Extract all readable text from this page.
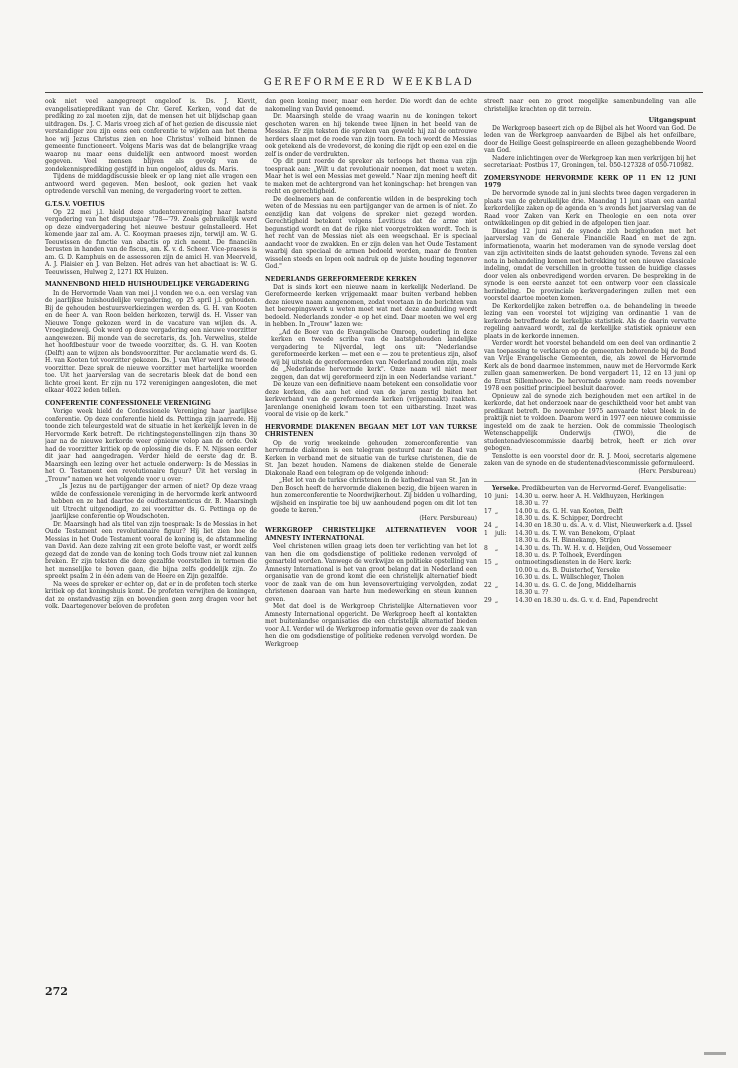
GEREFORMEERD WEEKBLAD

ook niet veel aangegreept ongeloof is. Ds. J. Kievit, evangelisatiepredikant van de Chr. Geref. Kerken, vond dat de prediking zo zal moeten zijn, dat de mensen het uit blijdschap gaan uitdragen. Ds. J. C. Maris vroeg zich af of het gezien de discussie niet verstandiger zou zijn eens een conferentie te wijden aan het thema hoe wij Jezus Christus zien en hoe Christus' volheid binnen de gemeente functioneert. Volgens Maris was dat de belangrijke vraag waarop nu maar eens duidelijk een antwoord moest worden gegeven. Veel mensen blijven als gevolg van de zondekennisprediking gestijfd in hun ongeloof, aldus ds. Maris.

Tijdens de middagdiscussie bleek er op lang niet alle vragen een antwoord werd gegeven. Men besloot, ook gezien het vaak optredende verschil van mening, de vergadering voort te zetten.

G.T.S.V. VOETIUS

Op 22 mei j.l. hield deze studentenvereniging haar laatste vergadering van het dispuutsjaar '78—'79. Zoals gebruikelijk werd op deze eindvergadering het nieuwe bestuur geïnstalleerd. Het komende jaar zal am. A. C. Kooyman praeses zijn, terwijl am. W. G. Teeuwissen de functie van abactis op zich neemt. De financiën berusten in handen van de fiscus, am. K. v. d. Scheer. Vice-praeses is am. G. D. Kamphuis en de assessoren zijn de amici H. van Meerveld, A. J. Plaisier en J. van Belzen. Het adres van het abactiaat is: W. G. Teeuwissen, Hulweg 2, 1271 RX Huizen.

MANNENBOND HIELD HUISHOUDELIJKE VERGADERING

In de Hervormde Vaan van mei j.l vonden we o.a. een verslag van de jaarlijkse huishoudelijke vergadering, op 25 april j.l. gehouden. Bij de gehouden bestuursverkiezingen werden ds. G. H. van Kooten en de heer A. van Roon belden herkozen, terwijl ds. H. Visser van Nieuwe Tonge gekozen werd in de vacature van wijlen ds. A. Vroegindeweij. Ook werd op deze vergadering een nieuwe voorzitter aangewezen. Bij monde van de secretaris, ds. Joh. Verwelius, stelde het hoofdbestuur voor de tweede voorzitter, ds. G. H. van Kooten (Delft) aan te wijzen als bondsvoorzitter. Per acclamatie werd ds. G. H. van Kooten tot voorzitter gekozen. Ds. J. van Wier werd nu tweede voorzitter. Deze sprak de nieuwe voorzitter met hartelijke woorden toe. Uit het jaarverslag van de secretaris bleek dat de bond een lichte groei kent. Er zijn nu 172 verenigingen aangesloten, die met elkaar 4022 leden tellen.

CONFERENTIE CONFESSIONELE VERENIGING

Vorige week hield de Confessionele Vereniging haar jaarlijkse conferentie. Op deze conferentie hield ds. Pettinga zijn jaarrede. Hij toonde zich teleurgesteld wat de situatie in het kerkelijk leven in de Hervormde Kerk betreft. De richtingstegenstellingen zijn thans 30 jaar na de nieuwe kerkorde weer opnieuw volop aan de orde. Ook had de voorzitter kritiek op de oplossing die ds. F. N. Nijssen eerder dit jaar had aangedragen. Verder hield de eerste dag dr. B. Maarsingh een lezing over het actuele onderwerp: Is de Messias in het O. Testament een revolutionaire figuur? Uit het verslag in „Trouw" namen we het volgende voor u over:

„Is Jezus nu de partijganger der armen of niet? Op deze vraag wilde de confessionele vereniging in de hervormde kerk antwoord hebben en ze had daartoe de oudtestamenticus dr. B. Maarsingh uit Utrecht uitgenodigd, zo zei voorzitter ds. G. Pettinga op de jaarlijkse conferentie op Woudschoten.

Dr. Maarsingh had als titel van zijn toespraak: Is de Messias in het Oude Testament een revolutionaire figuur? Hij liet zien hoe de Messias in het Oude Testament vooral de koning is, de afstammeling van David. Aan deze zalving zit een grote belofte vast, er wordt zelfs gezegd dat de zonde van de koning toch Gods trouw niet zal kunnen breken. Er zijn teksten die deze gezalfde voorstellen in termen die het menselijke te boven gaan, die bijna zelfs goddelijk zijn. Zo spreekt psalm 2 in één adem van de Heere en Zijn gezalfde.

Na wees de spreker er echter op, dat er in de profeten toch sterke kritiek op dat koningshuis komt. De profeten verwijten de koningen, dat ze onstandvastig zijn en bovendien geen zorg dragen voor het volk. Daartegenover beloven de profeten

dan geen koning meer, maar een herder. Die wordt dan de echte nakomeling van David genoemd.

Dr. Maarsingh stelde de vraag waarin nu de koningen tekort geschoten waren en hij tekende twee lijnen in het beeld van de Messias. Er zijn teksten die spreken van geweld: hij zal de ontrouwe herders slaan met de roede van zijn toorn. En toch wordt de Messias ook getekend als de vredevorst, de koning die rijdt op een ezel en die zelf is onder de verdrukten.

Op dit punt roerde de spreker als terloops het thema van zijn toespraak aan: „Wilt u dat revolutionair noemen, dat moet u weten. Maar het is wel een Messias met geweld." Naar zijn mening heeft dit te maken met de achtergrond van het koningschap: het brengen van recht en gerechtigheid.

De deelnemers aan de conferentie wilden in de bespreking toch weten of de Messias nu een partijganger van de armen is of niet. Zo eenzijdig kan dat volgens de spreker niet gezegd worden. Gerechtigheid betekent volgens Leviticus dat de arme niet begunstigd wordt en dat de rijke niet voorgetrokken wordt. Toch is het recht van de Messias niet als een weegschaal. Er is speciaal aandacht voor de zwakken. En er zijn delen van het Oude Testament waarbij dan speciaal de armen bedoeld worden, maar de fronten wisselen steeds en lopen ook nadruk op de juiste houding tegenover God."

NEDERLANDS GEREFORMEERDE KERKEN

Dat is sinds kort een nieuwe naam in kerkelijk Nederland. De Gereformeerde kerken vrijgemaakt maar buiten verband hebben deze nieuwe naam aangenomen, zodat voortaan in de berichten van het beroepingswerk u weten moet wat met deze aanduiding wordt bedoeld. Nederlands zonder -e op het eind. Daar moeten we wel erg in hebben. In „Trouw" lazen we:

„Ad de Boer van de Evangelische Omroep, ouderling in deze kerken en tweede scriba van de laatstgehouden landelijke vergadering te Nijverdal, legt ons uit: "Nederlandse gereformeerde kerken — met een e — zou te pretentieus zijn, alsof wij bij uitstek de gereformeerden van Nederland zouden zijn, zoals de „Nederlandse hervormde kerk". Onze naam wil niet meer zeggen, dan dat wij gereformeerd zijn in een Nederlandse variant."

De keuze van een definitieve naam betekent een consolidatie voor deze kerken, die aan het eind van de jaren zestig buiten het kerkverband van de gereformeerde kerken (vrijgemaakt) raakten. Jarenlange onenigheid kwam toen tot een uitbarsting. Inzet was vooral de visie op de kerk."

HERVORMDE DIAKENEN BEGAAN MET LOT VAN TURKSE CHRISTENEN

Op de vorig weekeinde gehouden zomerconferentie van hervormde diakenen is een telegram gestuurd naar de Raad van Kerken in verband met de situatie van de turkse christenen, die de St. Jan bezet houden. Namens de diakenen stelde de Generale Diakonale Raad een telegram op de volgende inhoud:

„Het lot van de turkse christenen in de kathedraal van St. Jan in Den Bosch heeft de hervormde diakenen bezig, die bijeen waren in hun zomerconferentie te Noordwijkerhout. Zij bidden u volharding, wijsheid en inspiratie toe bij uw aanhoudend pogen om dit lot ten goede te keren."

(Herv. Persbureau)
WERKGROEP CHRISTELIJKE ALTERNATIEVEN VOOR AMNESTY INTERNATIONAL

Veel christenen willen graag iets doen ter verlichting van het lot van hen die om godsdienstige of politieke redenen vervolgd of gemarteld worden. Vanwege de werkwijze en politieke opstelling van Amnesty International is het van groot belang dat in Nederland een organisatie van de grond komt die een christelijk alternatief biedt voor de zaak van de om hun levensovertuiging vervolgden, zodat christenen daaraan van harte hun medewerking en steun kunnen geven.

Met dat doel is de Werkgroep Christelijke Alternatieven voor Amnesty International opgericht. De Werkgroep heeft al kontakten met buitenlandse organisaties die een christelijk alternatief bieden voor A.I. Verder wil de Werkgroep informatie geven over de zaak van hen die om godsdienstige of politieke redenen vervolgd worden. De Werkgroep

streeft naar een zo groot mogelijke samenbundeling van alle christelijke krachten op dit terrein.

Uitgangspunt

De Werkgroep baseert zich op de Bijbel als het Woord van God. De leden van de Werkgroep aanvaarden de Bijbel als het onfeilbare, door de Heilige Geest geïnspireerde en alleen gezaghebbende Woord van God.

Nadere inlichtingen over de Werkgroep kan men verkrijgen bij het secretariaat: Postbus 17, Groningen, tel. 050-127328 of 050-710982.

ZOMERSYNODE HERVORMDE KERK OP 11 EN 12 JUNI 1979

De hervormde synode zal in juni slechts twee dagen vergaderen in plaats van de gebruikelijke drie. Maandag 11 juni staan een aantal kerkordelijke zaken op de agenda en 's avonds het jaarverslag van de Raad voor Zaken van Kerk en Theologie en een nota over ontwikkelingen op dit gebied in de afgelopen tien jaar.

Dinsdag 12 juni zal de synode zich bezighouden met het jaarverslag van de Generale Financiële Raad en met de zgn. informatienota, waarin het moderamen van de synode verslag doet van zijn activiteiten sinds de laatst gehouden synode. Tevens zal een nota in behandeling komen met betrekking tot een nieuwe classicale indeling, omdat de verschillen in grootte tussen de huidige classes door velen als onbevredigend worden ervaren. De bespreking in de synode is een eerste aanzet tot een ontwerp voor een classicale herindeling. De provinciale kerkvergaderingen zullen met een voorstel daartoe moeten komen.

De Kerkordelijke zaken betreffen o.a. de behandeling in tweede lezing van een voorstel tot wijziging van ordinantie 1 van de kerkorde betreffende de kerkelijke statistiek. Als de daarin vervatte regeling aanvaard wordt, zal de kerkelijke statistiek opnieuw een plaats in de kerkorde innemen.

Verder wordt het voorstel behandeld om een deel van ordinantie 2 van toepassing te verklaren op de gemeenten behorende bij de Bond van Vrije Evangelische Gemeenten, die, als zowel de Hervormde Kerk als de bond daarmee instemmen, nauw met de Hervormde Kerk zullen gaan samenwerken. De bond vergadert 11, 12 en 13 juni op de Ernst Sillemhoeve. De hervormde synode nam reeds november 1978 een positief principieel besluit daarover.

Opnieuw zal de synode zich bezighouden met een artikel in de kerkorde, dat het onderzoek naar de geschiktheid voor het ambt van predikant betreft. De november 1975 aanvaarde tekst bleek in de praktijk niet te voldoen. Daarom werd in 1977 een nieuwe commissie ingesteld om de zaak te herzien. Ook de commissie Theologisch Wetenschappelijk Onderwijs (TWO), die de studentenadviescommissie daarbij betrok, heeft er zich over gebogen.

Tenslotte is een voorstel door dr. R. J. Mooi, secretaris algemene zaken van de synode en de studentenadviescommissie geformuleerd.

(Herv. Persbureau)

Yerseke. Predikbeurten van de Hervormd-Geref. Evangelisatie:

10	juni:	14.30 u. eerw. heer A. H. Veldhuyzen, Herkingen
		18.30 u. ??
17	„	14.00 u. ds. G. H. van Kooten, Delft
		18.30 u. ds. K. Schipper, Dordrecht
24	„	14.30 en 18.30 u. ds. A. v. d. Vlist, Nieuwerkerk a.d. IJssel
1	juli:	14.30 u. ds. T. W. van Benekom, O'plaat
		18.30 u. ds. H. Binnekamp, Strijen
8	„	14.30 u. ds. Th. W. H. v. d. Heijden, Oud Vossemeer
		18.30 u. ds. P. Tolhoek, Everdingen
15	„	ontmoetingsdiensten in de Herv. kerk:
		10.00 u. ds. B. Duisterhof, Yerseke
		16.30 u. ds. L. Wüllschleger, Tholen
22	„	14.30 u. ds. G. C. de Jong, Middelharnis
		18.30 u. ??
29	„	14.30 en 18.30 u. ds. G. v. d. End, Papendrecht
272
